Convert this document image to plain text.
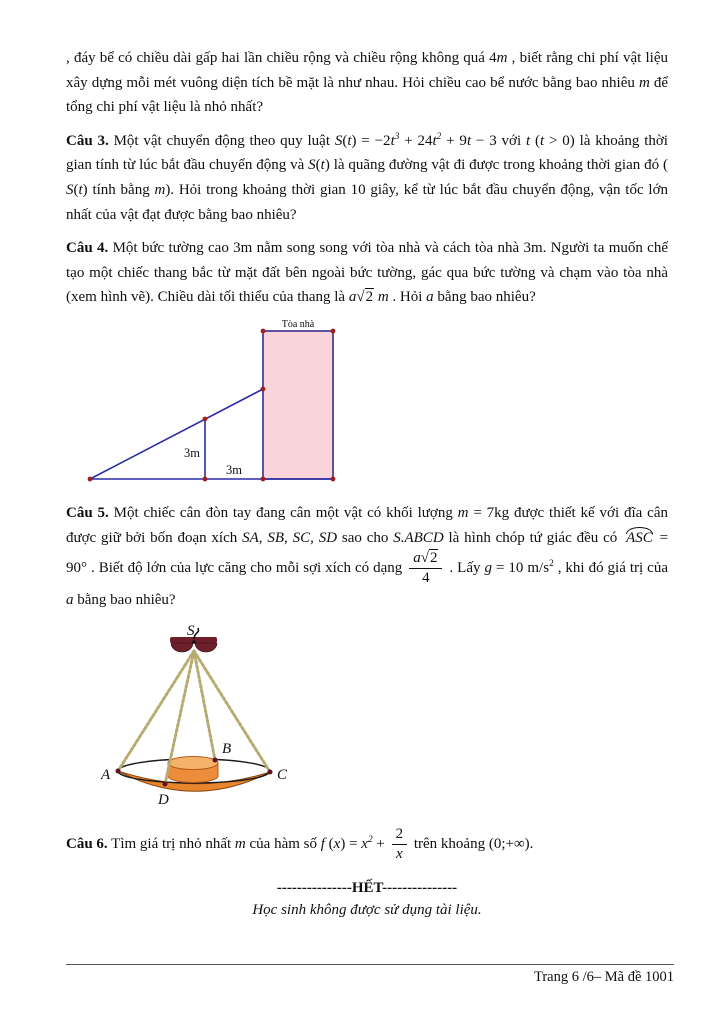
, đáy bể có chiều dài gấp hai lần chiều rộng và chiều rộng không quá 4m , biết rằng chi phí vật liệu xây dựng mỗi mét vuông diện tích bề mặt là như nhau. Hỏi chiều cao bể nước bằng bao nhiêu m để tổng chi phí vật liệu là nhỏ nhất?

Câu 3. Một vật chuyển động theo quy luật $S(t) = -2t^3 + 24t^2 + 9t - 3$ với t (t > 0) là khoảng thời gian tính từ lúc bắt đầu chuyển động và S(t) là quãng đường vật đi được trong khoảng thời gian đó ( S(t) tính bằng m). Hỏi trong khoảng thời gian 10 giây, kể từ lúc bắt đầu chuyển động, vận tốc lớn nhất của vật đạt được bằng bao nhiêu?

Câu 4. Một bức tường cao 3m nằm song song với tòa nhà và cách tòa nhà 3m. Người ta muốn chế tạo một chiếc thang bắc từ mặt đất bên ngoài bức tường, gác qua bức tường và chạm vào tòa nhà (xem hình vẽ). Chiều dài tối thiểu của thang là a√2 m . Hỏi a bằng bao nhiêu?

Tòa nhà
3m
3m

Câu 5. Một chiếc cân đòn tay đang cân một vật có khối lượng m = 7kg được thiết kế với đĩa cân được giữ bởi bốn đoạn xích SA, SB, SC, SD sao cho S.ABCD là hình chóp tứ giác đều có ASC = 90° . Biết độ lớn của lực căng cho mỗi sợi xích có dạng $\frac{a√2}{4}$ . Lấy g = 10 $m/s^2$ , khi đó giá trị của a bằng bao nhiêu?

S
A
B
C
D

Câu 6. Tìm giá trị nhỏ nhất m của hàm số f $(x) = x^2 + \frac{2}{x}$ trên khoảng (0;+∞).

---------------HẾT---------------
Học sinh không được sử dụng tài liệu.
Trang 6 /6– Mã đề 1001
